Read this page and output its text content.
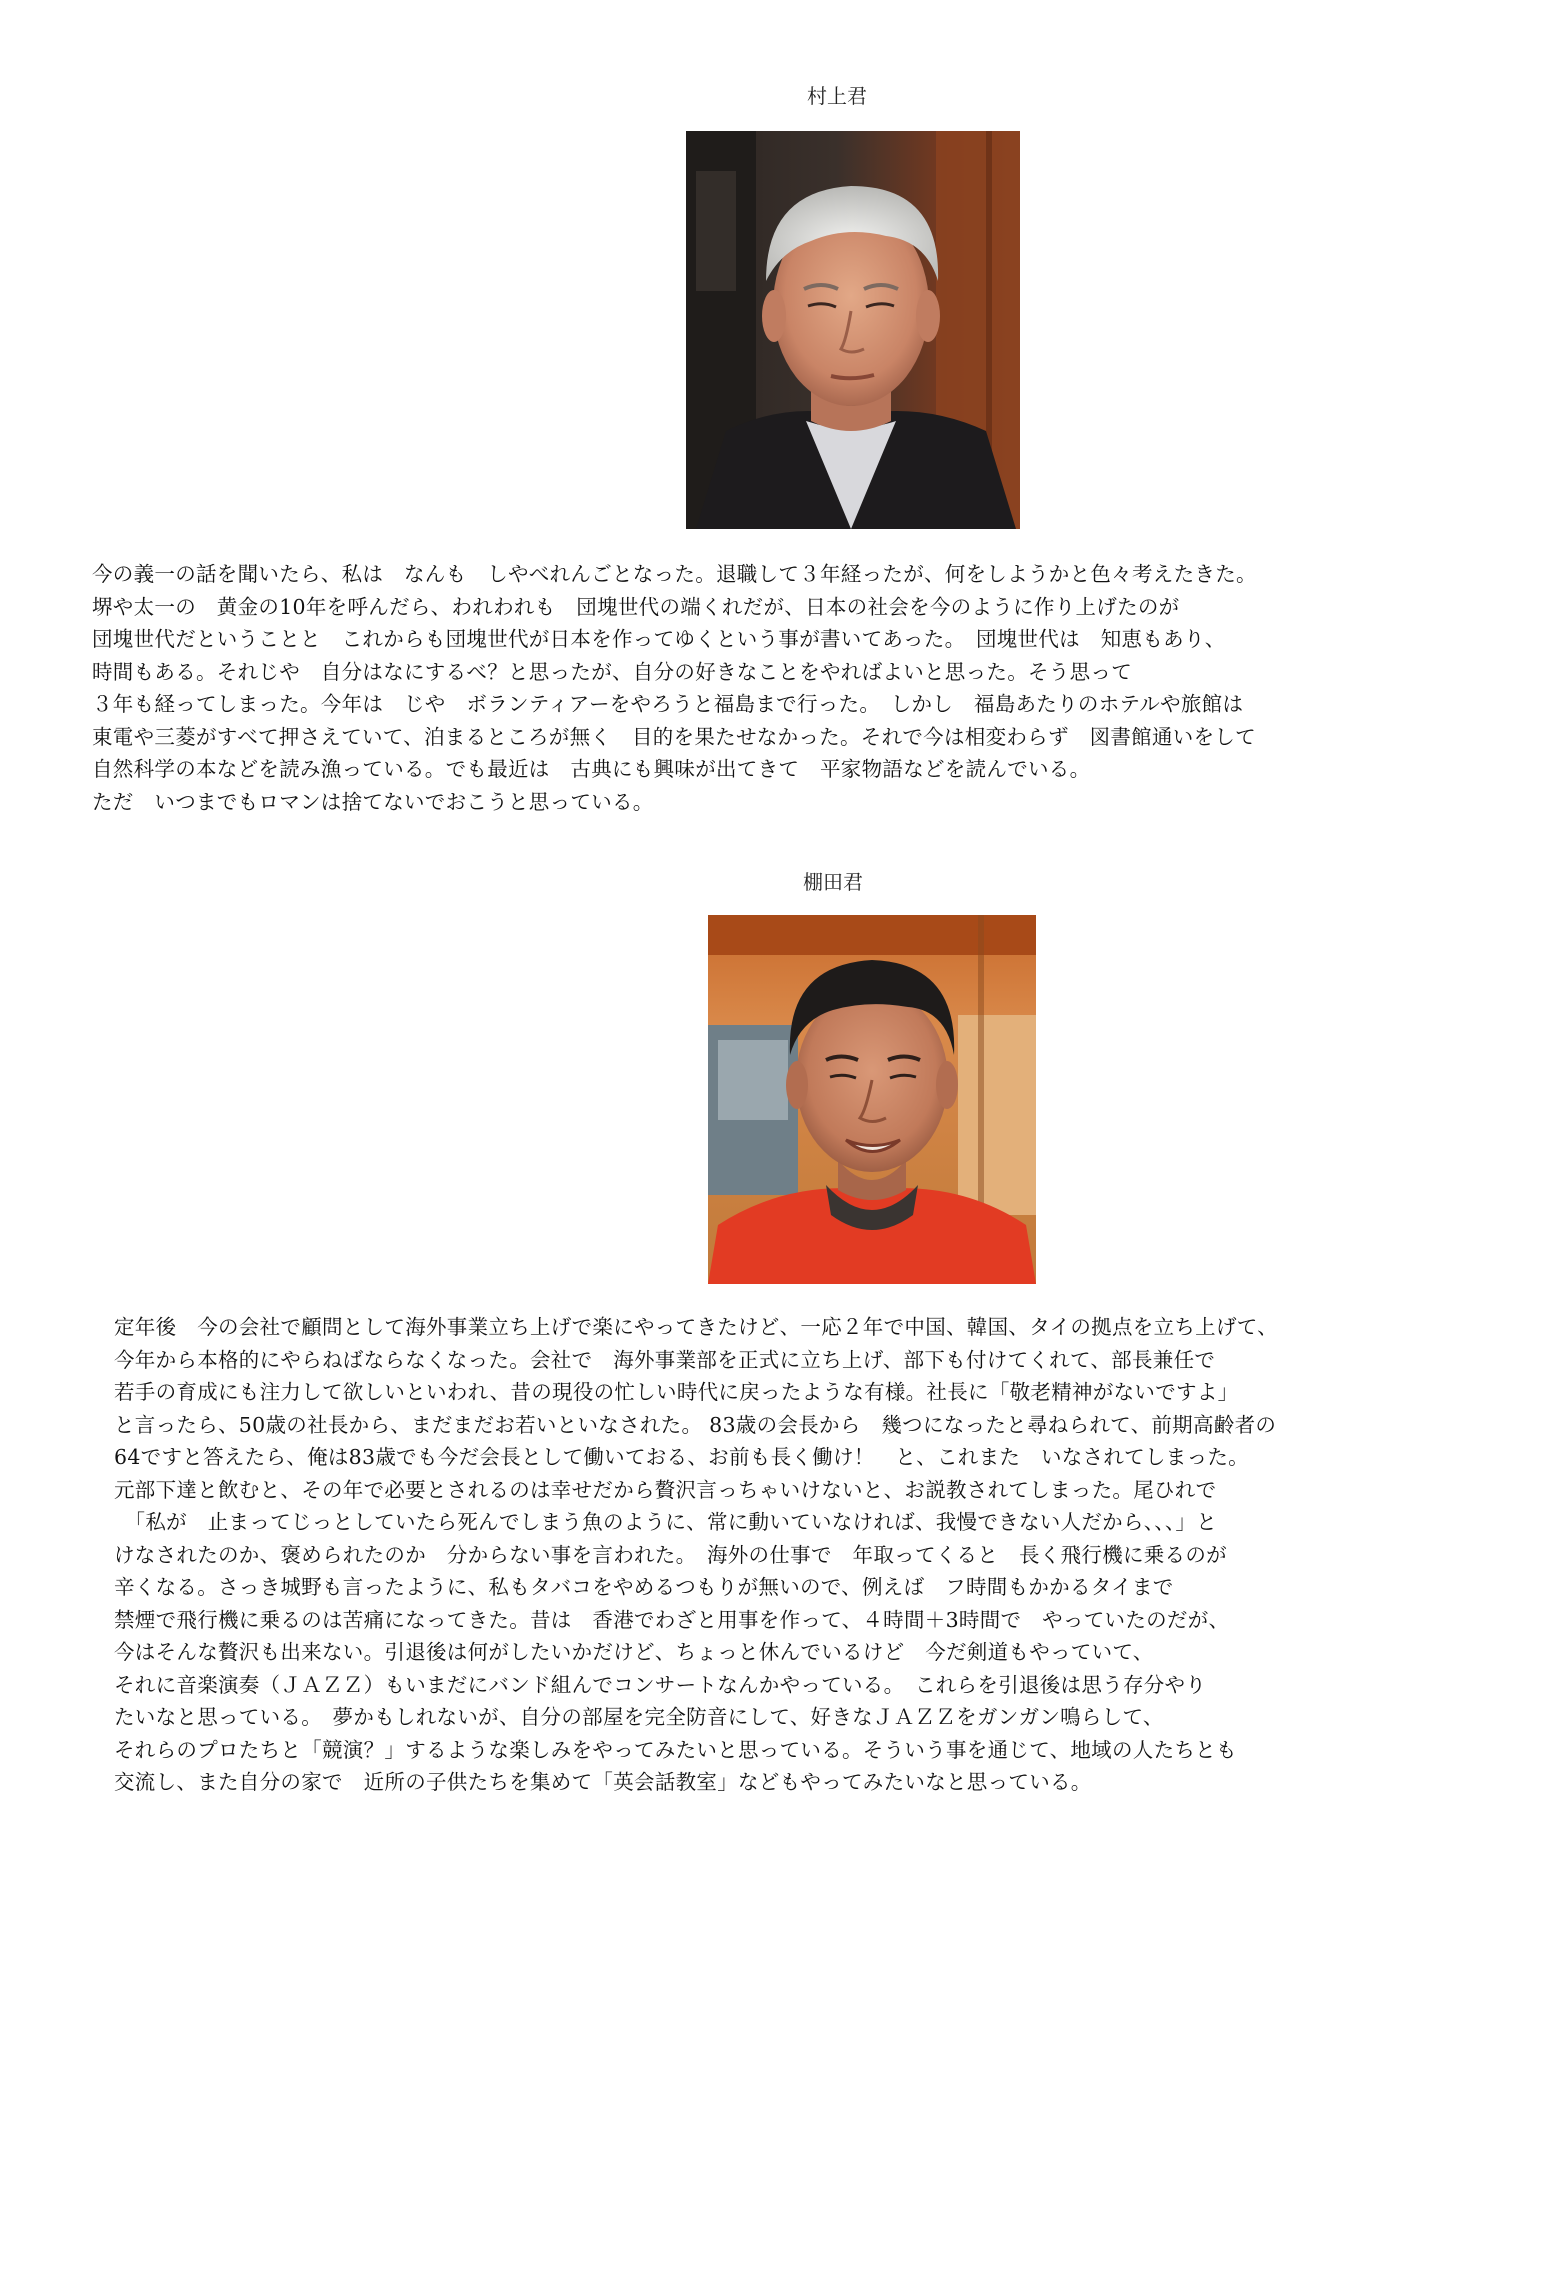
村上君
今の義一の話を聞いたら、私は　なんも　しやべれんごとなった。退職して３年経ったが、何をしようかと色々考えたきた。
堺や太一の　黄金の10年を呼んだら、われわれも　団塊世代の端くれだが、日本の社会を今のように作り上げたのが
団塊世代だということと　これからも団塊世代が日本を作ってゆくという事が書いてあった。　団塊世代は　知恵もあり、
時間もある。それじや　自分はなにするべ？と思ったが、自分の好きなことをやればよいと思った。そう思って
３年も経ってしまった。今年は　じや　ボランティアーをやろうと福島まで行った。　しかし　福島あたりのホテルや旅館は
東電や三菱がすべて押さえていて、泊まるところが無く　目的を果たせなかった。それで今は相変わらず　図書館通いをして
自然科学の本などを読み漁っている。でも最近は　古典にも興味が出てきて　平家物語などを読んでいる。
ただ　いつまでもロマンは捨てないでおこうと思っている。
棚田君
定年後　今の会社で顧問として海外事業立ち上げで楽にやってきたけど、一応２年で中国、韓国、タイの拠点を立ち上げて、
今年から本格的にやらねばならなくなった。会社で　海外事業部を正式に立ち上げ、部下も付けてくれて、部長兼任で
若手の育成にも注力して欲しいといわれ、昔の現役の忙しい時代に戻ったような有様。社長に「敬老精神がないですよ」
と言ったら、50歳の社長から、まだまだお若いといなされた。 83歳の会長から　幾つになったと尋ねられて、前期高齢者の
64ですと答えたら、俺は83歳でも今だ会長として働いておる、お前も長く働け！　と、これまた　いなされてしまった。
元部下達と飲むと、その年で必要とされるのは幸せだから贅沢言っちゃいけないと、お説教されてしまった。尾ひれで
　「私が　止まってじっとしていたら死んでしまう魚のように、常に動いていなければ、我慢できない人だから、、、」と
けなされたのか、褒められたのか　分からない事を言われた。　海外の仕事で　年取ってくると　長く飛行機に乗るのが
辛くなる。さっき城野も言ったように、私もタバコをやめるつもりが無いので、例えば　フ時間もかかるタイまで
禁煙で飛行機に乗るのは苦痛になってきた。昔は　香港でわざと用事を作って、４時間＋3時間で　やっていたのだが、
今はそんな贅沢も出来ない。引退後は何がしたいかだけど、ちょっと休んでいるけど　今だ剣道もやっていて、
それに音楽演奏（ＪＡＺＺ）もいまだにバンド組んでコンサートなんかやっている。　これらを引退後は思う存分やり
たいなと思っている。　夢かもしれないが、自分の部屋を完全防音にして、好きなＪＡＺＺをガンガン鳴らして、
それらのプロたちと「競演？」するような楽しみをやってみたいと思っている。そういう事を通じて、地域の人たちとも
交流し、また自分の家で　近所の子供たちを集めて「英会話教室」などもやってみたいなと思っている。
